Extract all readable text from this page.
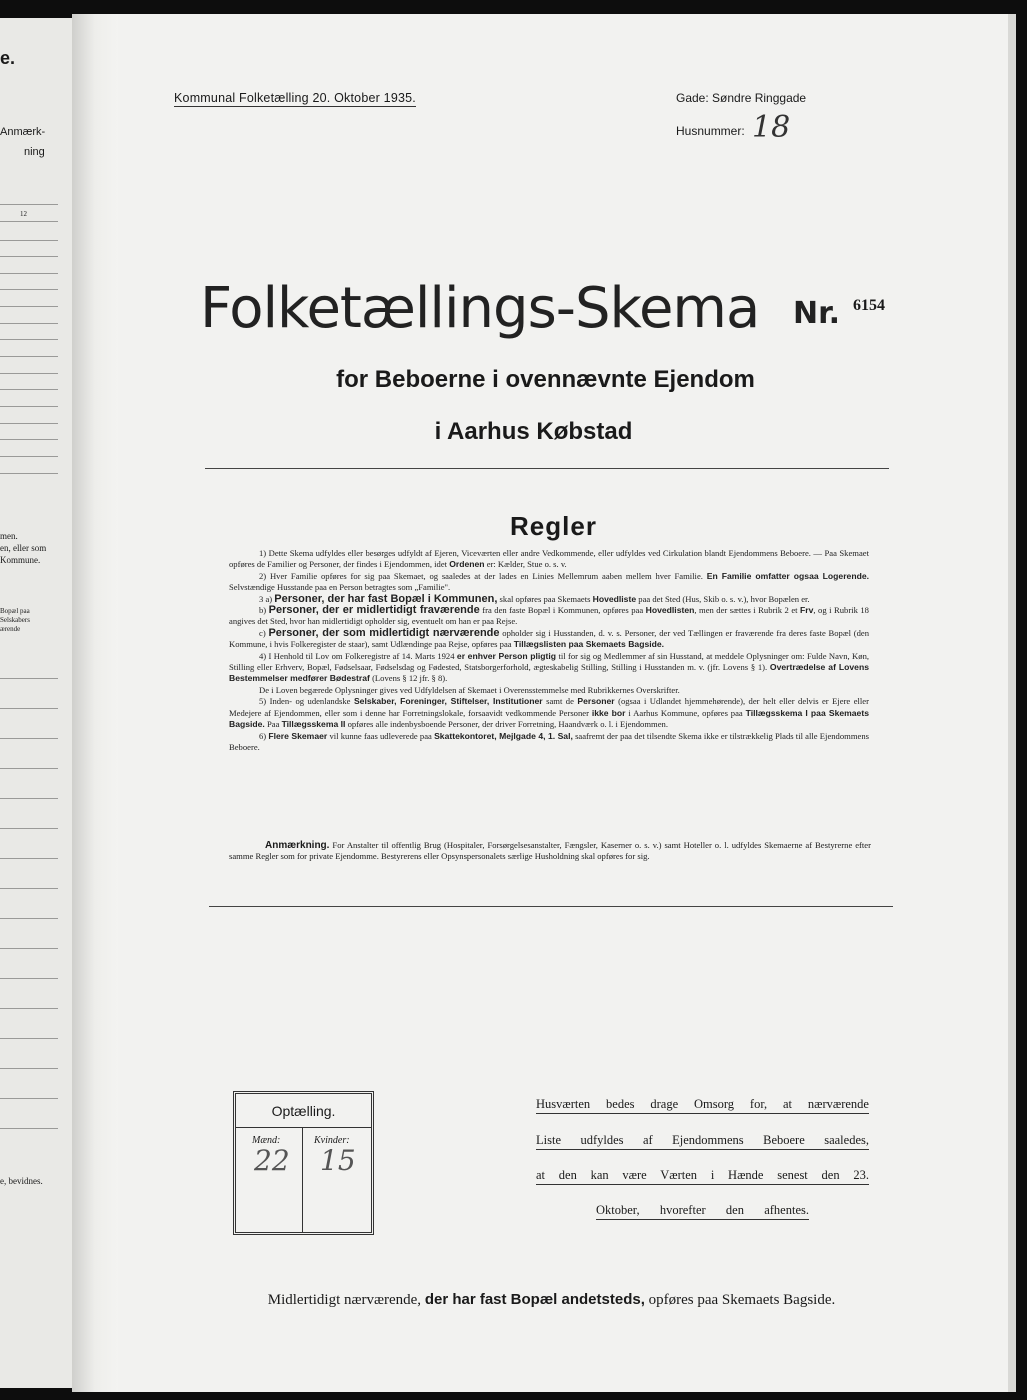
e.
Anmærk-
ning
12
men.
en, eller som
Kommune.
Bopæl paa
Selskabers
ærende
e, bevidnes.
Kommunal Folketælling 20. Oktober 1935.	Gade: Søndre Ringgade
Husnummer: 18
Folketællings-Skema Nr. 6154
for Beboerne i ovennævnte Ejendom
i Aarhus Købstad
Regler

1) Dette Skema udfyldes eller besørges udfyldt af Ejeren, Viceværten eller andre Vedkommende, eller udfyldes ved Cirkulation blandt Ejendommens Beboere. — Paa Skemaet opføres de Familier og Personer, der findes i Ejendommen, idet Ordenen er: Kælder, Stue o. s. v.

2) Hver Familie opføres for sig paa Skemaet, og saaledes at der lades en Linies Mellemrum aaben mellem hver Familie. En Familie omfatter ogsaa Logerende. Selvstændige Husstande paa en Person betragtes som „Familie".

3 a) Personer, der har fast Bopæl i Kommunen, skal opføres paa Skemaets Hovedliste paa det Sted (Hus, Skib o. s. v.), hvor Bopælen er.

b) Personer, der er midlertidigt fraværende fra den faste Bopæl i Kommunen, opføres paa Hovedlisten, men der sættes i Rubrik 2 et Frv, og i Rubrik 18 angives det Sted, hvor han midlertidigt opholder sig, eventuelt om han er paa Rejse.

c) Personer, der som midlertidigt nærværende opholder sig i Husstanden, d. v. s. Personer, der ved Tællingen er fraværende fra deres faste Bopæl (den Kommune, i hvis Folkeregister de staar), samt Udlændinge paa Rejse, opføres paa Tillægslisten paa Skemaets Bagside.

4) I Henhold til Lov om Folkeregistre af 14. Marts 1924 er enhver Person pligtig til for sig og Medlemmer af sin Husstand, at meddele Oplysninger om: Fulde Navn, Køn, Stilling eller Erhverv, Bopæl, Fødselsaar, Fødselsdag og Fødested, Statsborgerforhold, ægteskabelig Stilling, Stilling i Husstanden m. v. (jfr. Lovens § 1). Overtrædelse af Lovens Bestemmelser medfører Bødestraf (Lovens § 12 jfr. § 8).

De i Loven begærede Oplysninger gives ved Udfyldelsen af Skemaet i Overensstemmelse med Rubrikkernes Overskrifter.

5) Inden- og udenlandske Selskaber, Foreninger, Stiftelser, Institutioner samt de Personer (ogsaa i Udlandet hjemmehørende), der helt eller delvis er Ejere eller Medejere af Ejendommen, eller som i denne har Forretningslokale, forsaavidt vedkommende Personer ikke bor i Aarhus Kommune, opføres paa Tillægsskema I paa Skemaets Bagside. Paa Tillægsskema II opføres alle indenbysboende Personer, der driver Forretning, Haandværk o. l. i Ejendommen.

6) Flere Skemaer vil kunne faas udleverede paa Skattekontoret, Mejlgade 4, 1. Sal, saafremt der paa det tilsendte Skema ikke er tilstrækkelig Plads til alle Ejendommens Beboere.

Anmærkning. For Anstalter til offentlig Brug (Hospitaler, Forsørgelsesanstalter, Fængsler, Kaserner o. s. v.) samt Hoteller o. l. udfyldes Skemaerne af Bestyrerne efter samme Regler som for private Ejendomme. Bestyrerens eller Opsynspersonalets særlige Husholdning skal opføres for sig.

Optælling.
Mænd:	Kvinder:
22 15
Husværten bedes drage Omsorg for, at nærværende
Liste udfyldes af Ejendommens Beboere saaledes,
at den kan være Værten i Hænde senest den 23.
Oktober, hvorefter den afhentes.
Midlertidigt nærværende, der har fast Bopæl andetsteds, opføres paa Skemaets Bagside.
